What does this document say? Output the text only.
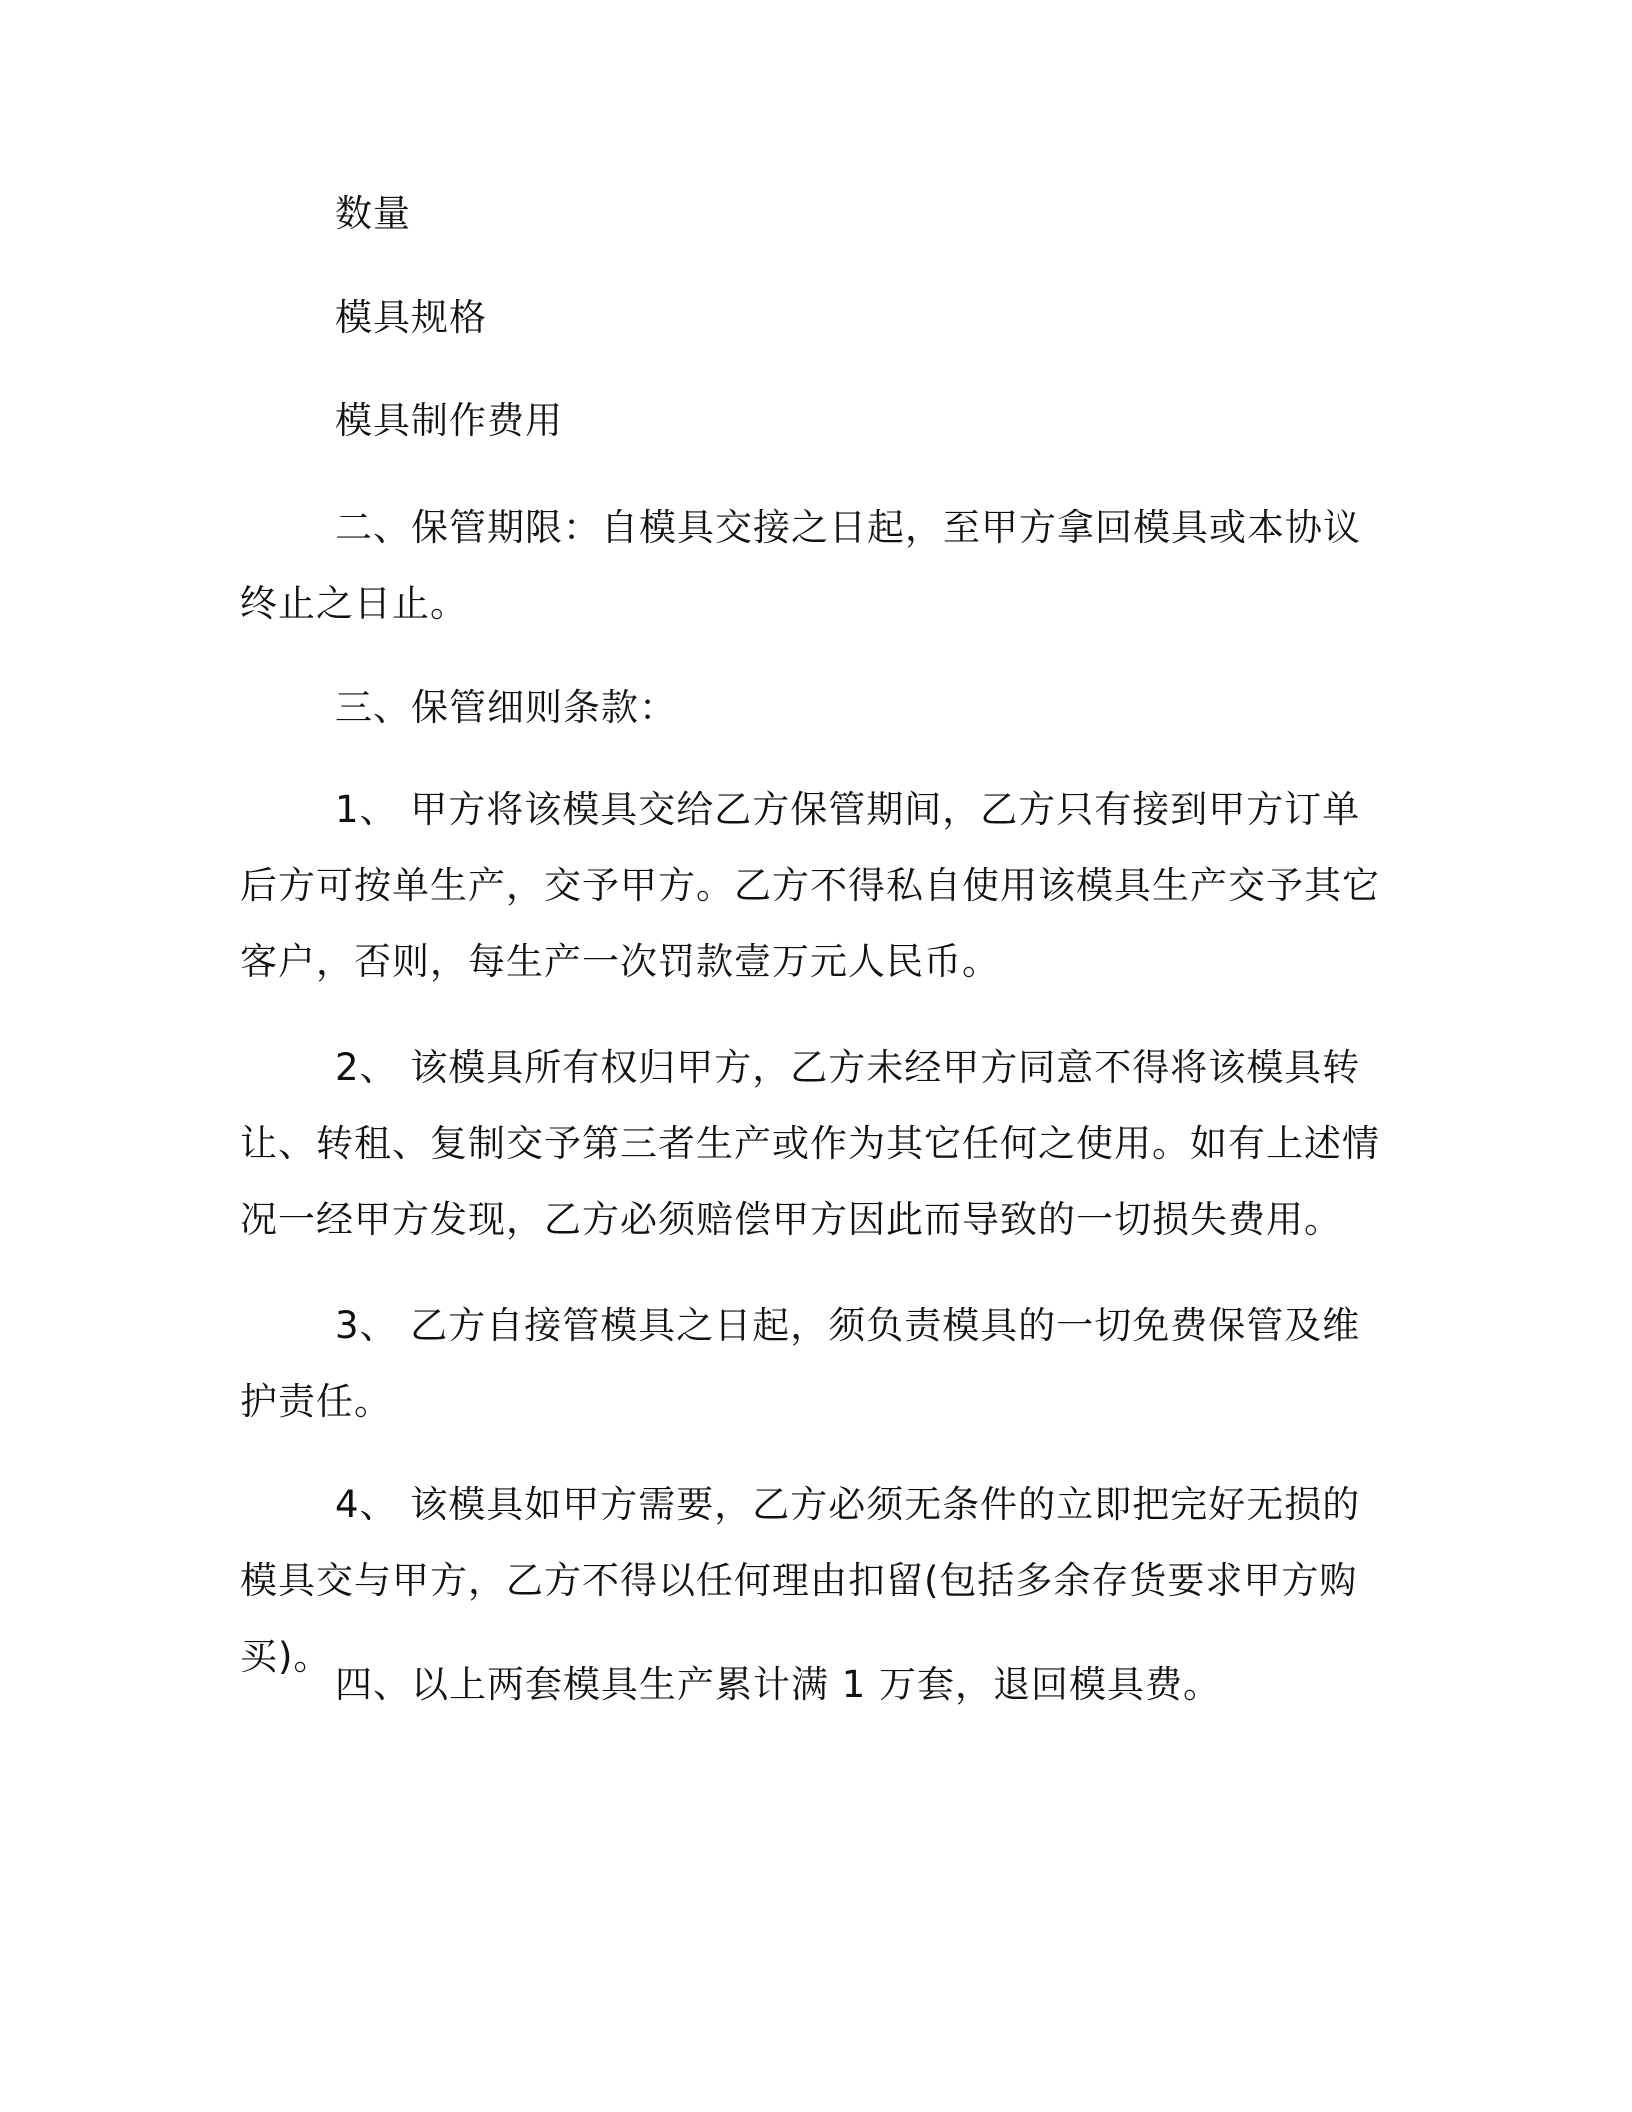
数量

模具规格

模具制作费用

二、保管期限：自模具交接之日起，至甲方拿回模具或本协议终止之日止。

三、保管细则条款：

1、 甲方将该模具交给乙方保管期间，乙方只有接到甲方订单后方可按单生产，交予甲方。乙方不得私自使用该模具生产交予其它客户，否则，每生产一次罚款壹万元人民币。

2、 该模具所有权归甲方，乙方未经甲方同意不得将该模具转让、转租、复制交予第三者生产或作为其它任何之使用。如有上述情况一经甲方发现，乙方必须赔偿甲方因此而导致的一切损失费用。

3、 乙方自接管模具之日起，须负责模具的一切免费保管及维护责任。

4、 该模具如甲方需要，乙方必须无条件的立即把完好无损的模具交与甲方，乙方不得以任何理由扣留(包括多余存货要求甲方购买)。

四、以上两套模具生产累计满 1 万套，退回模具费。
